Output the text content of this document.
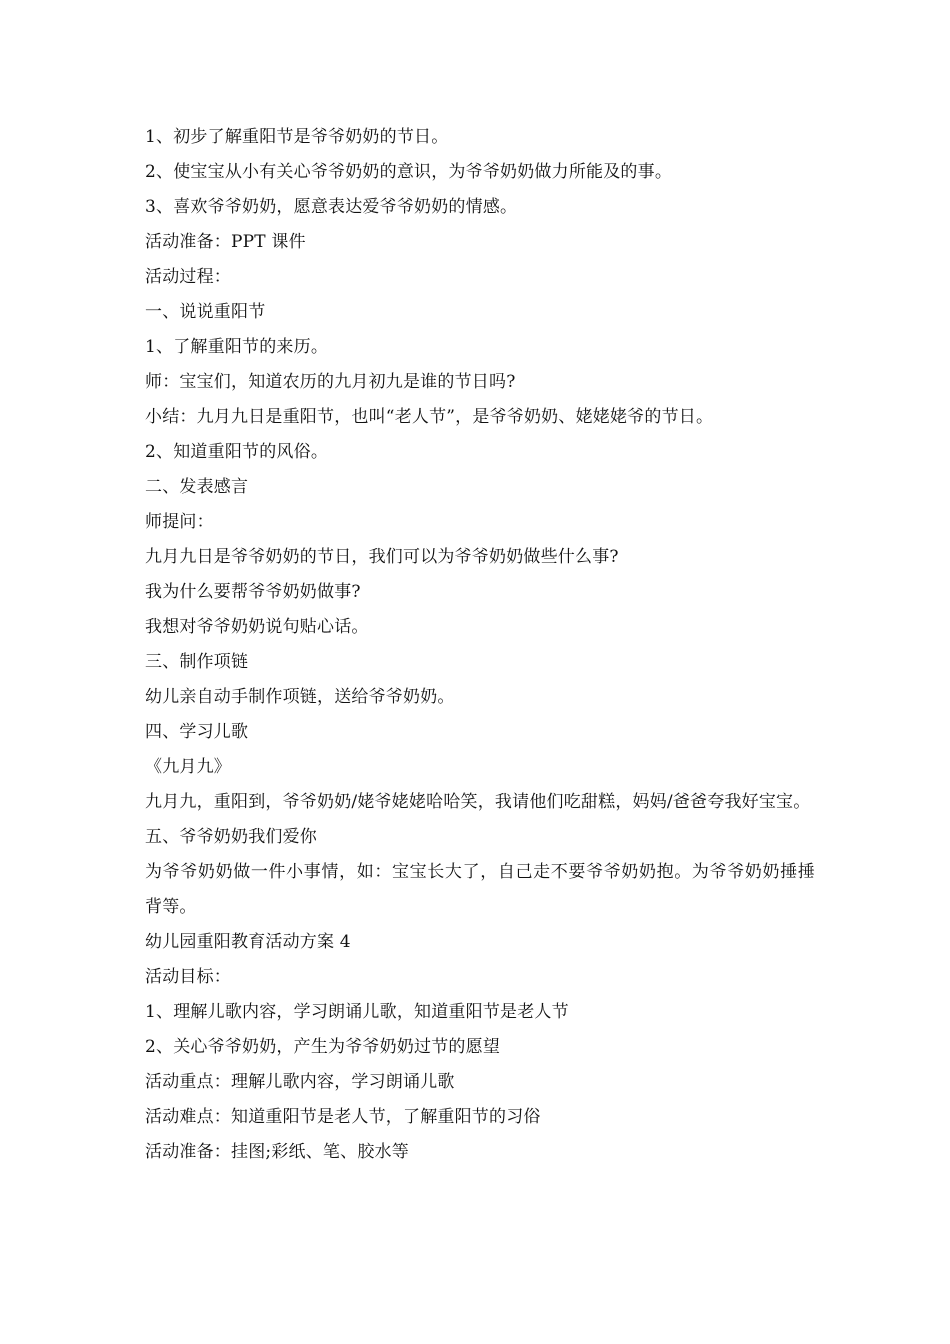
1、初步了解重阳节是爷爷奶奶的节日。
2、使宝宝从小有关心爷爷奶奶的意识，为爷爷奶奶做力所能及的事。
3、喜欢爷爷奶奶，愿意表达爱爷爷奶奶的情感。
活动准备：PPT 课件
活动过程：
一、说说重阳节
1、了解重阳节的来历。
师：宝宝们，知道农历的九月初九是谁的节日吗?
小结：九月九日是重阳节，也叫“老人节”，是爷爷奶奶、姥姥姥爷的节日。
2、知道重阳节的风俗。
二、发表感言
师提问：
九月九日是爷爷奶奶的节日，我们可以为爷爷奶奶做些什么事?
我为什么要帮爷爷奶奶做事?
我想对爷爷奶奶说句贴心话。
三、制作项链
幼儿亲自动手制作项链，送给爷爷奶奶。
四、学习儿歌
《九月九》
九月九，重阳到，爷爷奶奶/姥爷姥姥哈哈笑，我请他们吃甜糕，妈妈/爸爸夸我好宝宝。
五、爷爷奶奶我们爱你
为爷爷奶奶做一件小事情，如：宝宝长大了，自己走不要爷爷奶奶抱。为爷爷奶奶捶捶背等。
幼儿园重阳教育活动方案 4
活动目标：
1、理解儿歌内容，学习朗诵儿歌，知道重阳节是老人节
2、关心爷爷奶奶，产生为爷爷奶奶过节的愿望
活动重点：理解儿歌内容，学习朗诵儿歌
活动难点：知道重阳节是老人节，了解重阳节的习俗
活动准备：挂图;彩纸、笔、胶水等
